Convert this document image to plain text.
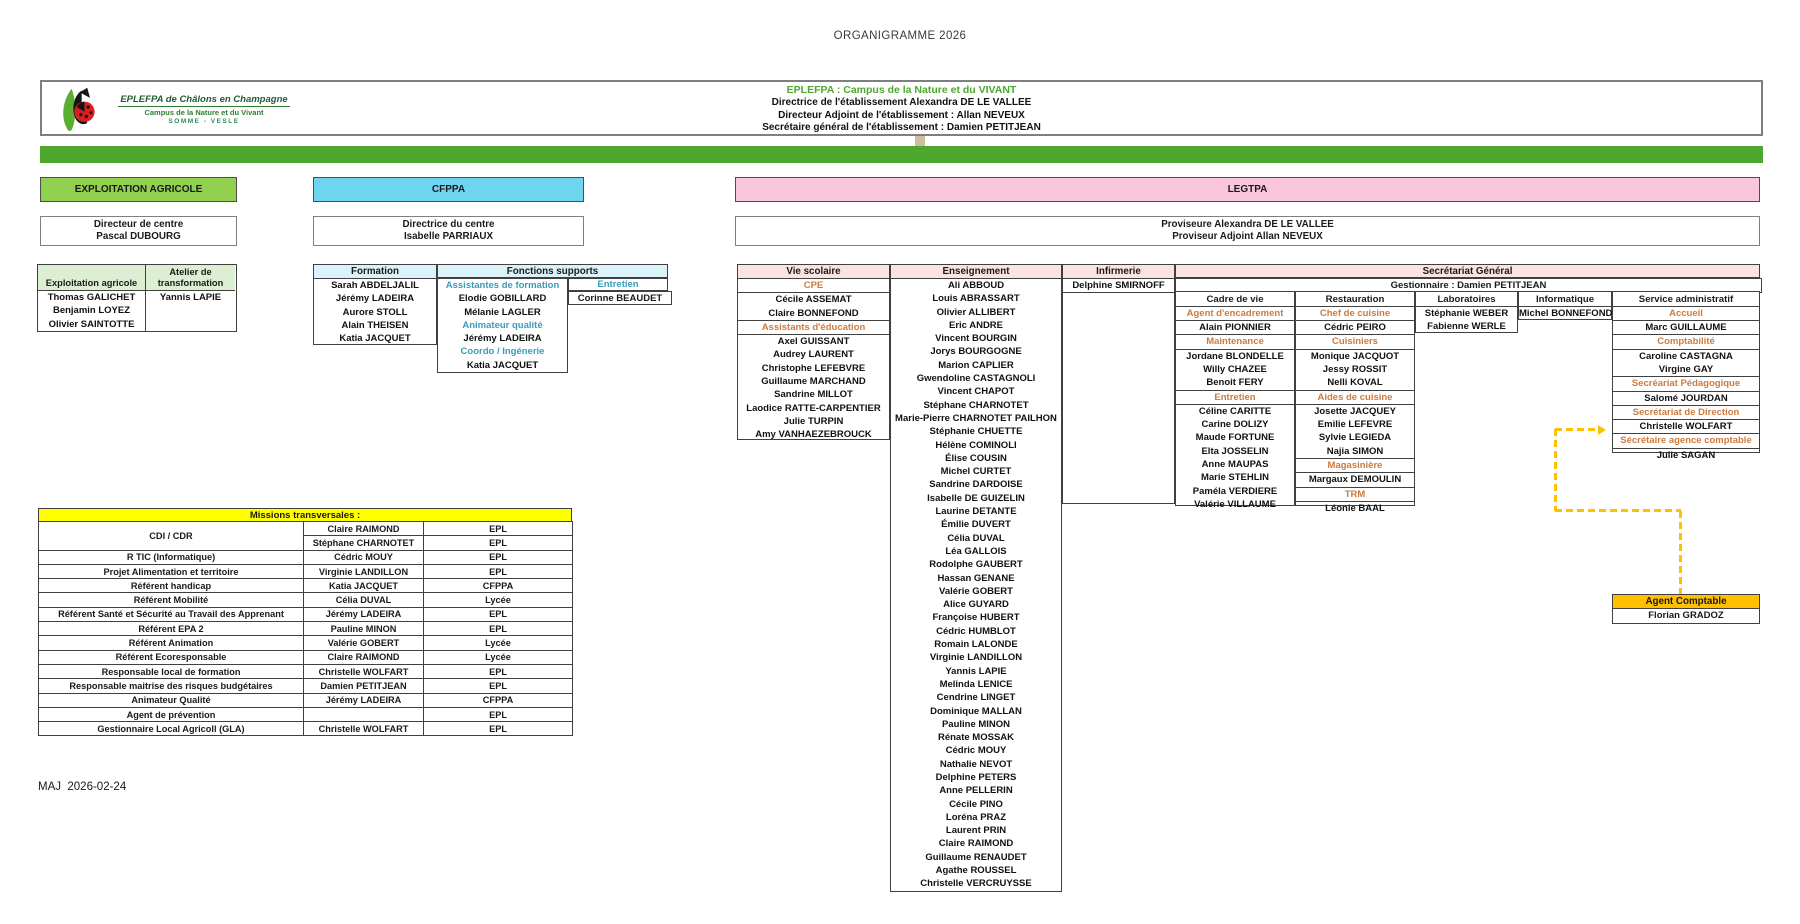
ORGANIGRAMME 2026
EPLEFPA de Châlons en Champagne
Campus de la Nature et du Vivant
SOMME - VESLE
EPLEFPA : Campus de la Nature et du VIVANT
Directrice de l'établissement Alexandra DE LE VALLEE
Directeur Adjoint de l'établissement : Allan NEVEUX
Secrétaire général de l'établissement : Damien PETITJEAN
EXPLOITATION AGRICOLE	CFPPA	LEGTPA
Directeur de centre
Pascal DUBOURG
Directrice du centre
Isabelle PARRIAUX
Proviseure Alexandra DE LE VALLEE
Proviseur Adjoint Allan NEVEUX
Exploitation agricole
Thomas GALICHET
Benjamin LOYEZ
Olivier SAINTOTTE
Atelier de transformation
Yannis LAPIE
Formation
Sarah ABDELJALIL
Jérémy LADEIRA
Aurore STOLL
Alain THEISEN
Katia JACQUET
Fonctions supports
Assistantes de formation
Elodie GOBILLARD
Mélanie LAGLER
Animateur qualité
Jérémy LADEIRA
Coordo / Ingénerie
Katia JACQUET
Entretien
Corinne BEAUDET
Vie scolaire
CPE
Cécile ASSEMAT
Claire BONNEFOND
Assistants d'éducation
Axel GUISSANT
Audrey LAURENT
Christophe LEFEBVRE
Guillaume MARCHAND
Sandrine MILLOT
Laodice RATTE-CARPENTIER
Julie TURPIN
Amy VANHAEZEBROUCK
Enseignement
Ali ABBOUD
Louis ABRASSART
Olivier ALLIBERT
Eric ANDRE
Vincent BOURGIN
Jorys BOURGOGNE
Marion CAPLIER
Gwendoline CASTAGNOLI
Vincent CHAPOT
Stéphane CHARNOTET
Marie-Pierre CHARNOTET PAILHON
Stéphanie CHUETTE
Hélène COMINOLI
Élise COUSIN
Michel CURTET
Sandrine DARDOISE
Isabelle DE GUIZELIN
Laurine DETANTE
Émilie DUVERT
Célia DUVAL
Léa GALLOIS
Rodolphe GAUBERT
Hassan GENANE
Valérie GOBERT
Alice GUYARD
Françoise HUBERT
Cédric HUMBLOT
Romain LALONDE
Virginie LANDILLON
Yannis LAPIE
Melinda LENICE
Cendrine LINGET
Dominique MALLAN
Pauline MINON
Rénate MOSSAK
Cédric MOUY
Nathalie NEVOT
Delphine PETERS
Anne PELLERIN
Cécile PINO
Loréna PRAZ
Laurent PRIN
Claire RAIMOND
Guillaume RENAUDET
Agathe ROUSSEL
Christelle VERCRUYSSE
Infirmerie
Delphine SMIRNOFF
Secrétariat Général
Gestionnaire : Damien PETITJEAN
Cadre de vie
Agent d'encadrement
Alain PIONNIER
Maintenance
Jordane BLONDELLE
Willy CHAZEE
Benoit FERY
Entretien
Céline CARITTE
Carine DOLIZY
Maude FORTUNE
Elta JOSSELIN
Anne MAUPAS
Marie STEHLIN
Paméla VERDIERE
Valérie VILLAUME
Restauration
Chef de cuisine
Cédric PEIRO
Cuisiniers
Monique JACQUOT
Jessy ROSSIT
Nelli KOVAL
Aides de cuisine
Josette JACQUEY
Emilie LEFEVRE
Sylvie LEGIEDA
Najia SIMON
Magasinière
Margaux DEMOULIN
TRM
Léonie BAAL
Laboratoires
Stéphanie WEBER
Fabienne WERLE
Informatique
Michel BONNEFOND
Service administratif
Accueil
Marc GUILLAUME
Comptabilité
Caroline CASTAGNA
Virgine GAY
Secréariat Pédagogique
Salomé JOURDAN
Secrétariat de Direction
Christelle WOLFART
Sécrétaire agence comptable
Julie SAGAN
Missions transversales :
CDI / CDR	Claire RAIMOND	EPL
	Stéphane CHARNOTET	EPL
R TIC (Informatique)	Cédric MOUY	EPL
Projet Alimentation et territoire	Virginie LANDILLON	EPL
Référent handicap	Katia JACQUET	CFPPA
Référent Mobilité	Célia DUVAL	Lycée
Référent Santé et Sécurité au Travail des Apprenant	Jérémy LADEIRA	EPL
Référent EPA 2	Pauline MINON	EPL
Référent Animation	Valérie GOBERT	Lycée
Référent Ecoresponsable	Claire RAIMOND	Lycée
Responsable local de formation	Christelle WOLFART	EPL
Responsable maitrise des risques budgétaires	Damien PETITJEAN	EPL
Animateur Qualité	Jérémy LADEIRA	CFPPA
Agent de prévention		EPL
Gestionnaire Local Agricoll (GLA)	Christelle WOLFART	EPL
Agent Comptable
Florian GRADOZ
MAJ  2026-02-24
